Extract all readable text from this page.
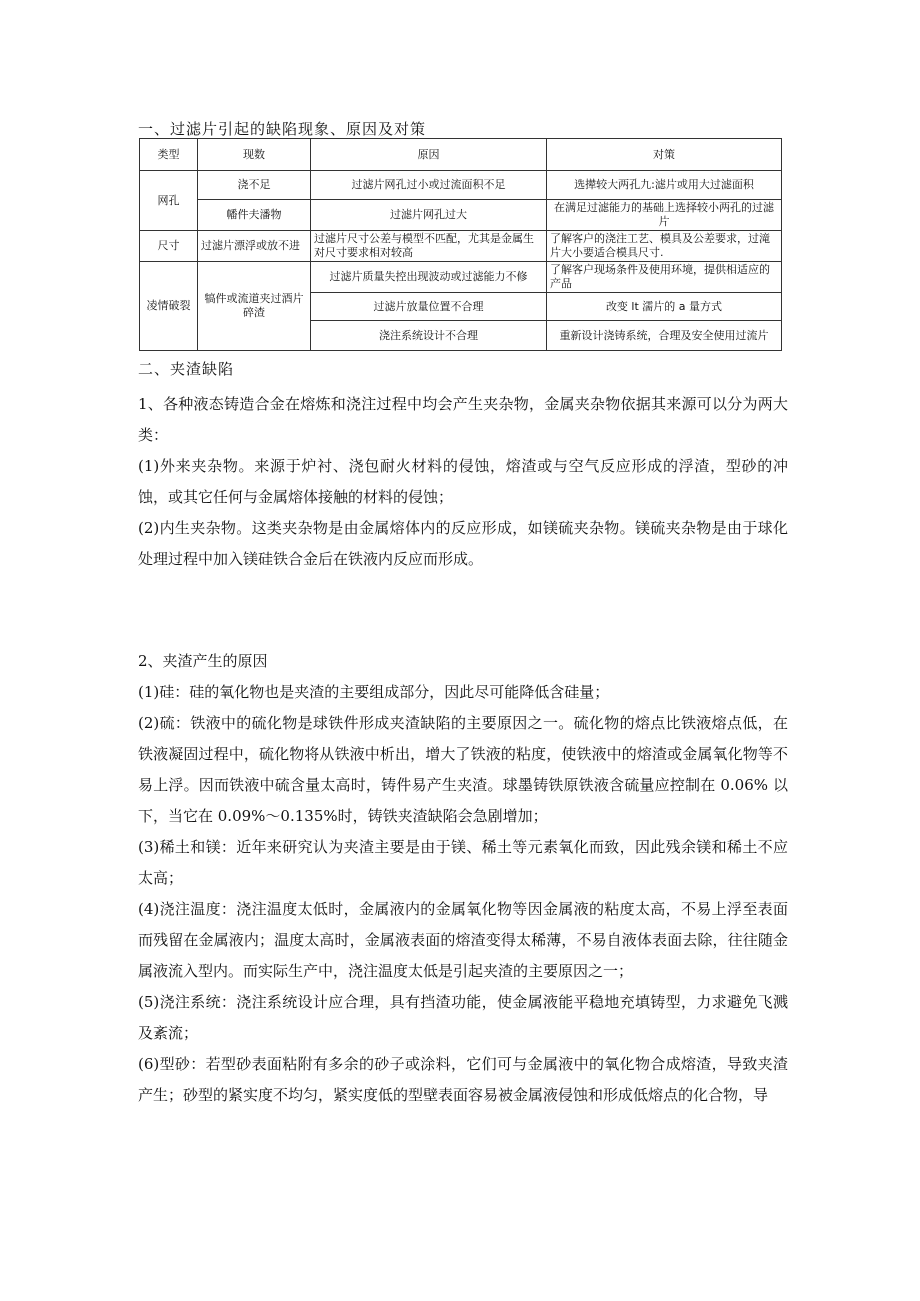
一、过滤片引起的缺陷现象、原因及对策
类型	现数	原因	对策
网孔	浇不足	过滤片网孔过小或过流面积不足	选撵较大两孔九:滤片或用大过滤面积
	幡件夫潘物	过滤片网孔过大	在满足过滤能力的基础上选择较小两孔的过滤片
尺寸	过滤片漂浮或放不进	过滤片尺寸公差与模型不匹配，尤其是金属生对尺寸要求相对较高	了解客户的浇注工艺、模具及公差要求，过滝片大小要适合模具尺寸.
凌情破裂	犒件或流道夹过酒片碎渣	过滤片质量失控出现波动或过滤能力不修	了解客户现场条件及使用环境，提供相适应的产品
		过滤片放量位置不合理	改变 lt 濡片的 a 量方式
		浇注系统设计不合理	重新设计浇铸系统，合理及安全使用过流片
二、夹渣缺陷

1、各种液态铸造合金在熔炼和浇注过程中均会产生夹杂物，金属夹杂物依据其来源可以分为两大类：

(1)外来夹杂物。来源于炉衬、浇包耐火材料的侵蚀，熔渣或与空气反应形成的浮渣，型砂的冲蚀，或其它任何与金属熔体接触的材料的侵蚀；

(2)内生夹杂物。这类夹杂物是由金属熔体内的反应形成，如镁硫夹杂物。镁硫夹杂物是由于球化处理过程中加入镁硅铁合金后在铁液内反应而形成。

2、夹渣产生的原因

(1)硅：硅的氧化物也是夹渣的主要组成部分，因此尽可能降低含硅量；

(2)硫：铁液中的硫化物是球铁件形成夹渣缺陷的主要原因之一。硫化物的熔点比铁液熔点低，在铁液凝固过程中，硫化物将从铁液中析出，增大了铁液的粘度，使铁液中的熔渣或金属氧化物等不易上浮。因而铁液中硫含量太高时，铸件易产生夹渣。球墨铸铁原铁液含硫量应控制在 0.06% 以下，当它在 0.09%～0.135%时，铸铁夹渣缺陷会急剧增加；

(3)稀土和镁：近年来研究认为夹渣主要是由于镁、稀土等元素氧化而致，因此残余镁和稀土不应太高；

(4)浇注温度：浇注温度太低时，金属液内的金属氧化物等因金属液的粘度太高，不易上浮至表面而残留在金属液内；温度太高时，金属液表面的熔渣变得太稀薄，不易自液体表面去除，往往随金属液流入型内。而实际生产中，浇注温度太低是引起夹渣的主要原因之一；

(5)浇注系统：浇注系统设计应合理，具有挡渣功能，使金属液能平稳地充填铸型，力求避免飞溅及紊流；

(6)型砂：若型砂表面粘附有多余的砂子或涂料，它们可与金属液中的氧化物合成熔渣，导致夹渣产生；砂型的紧实度不均匀，紧实度低的型壁表面容易被金属液侵蚀和形成低熔点的化合物，导
